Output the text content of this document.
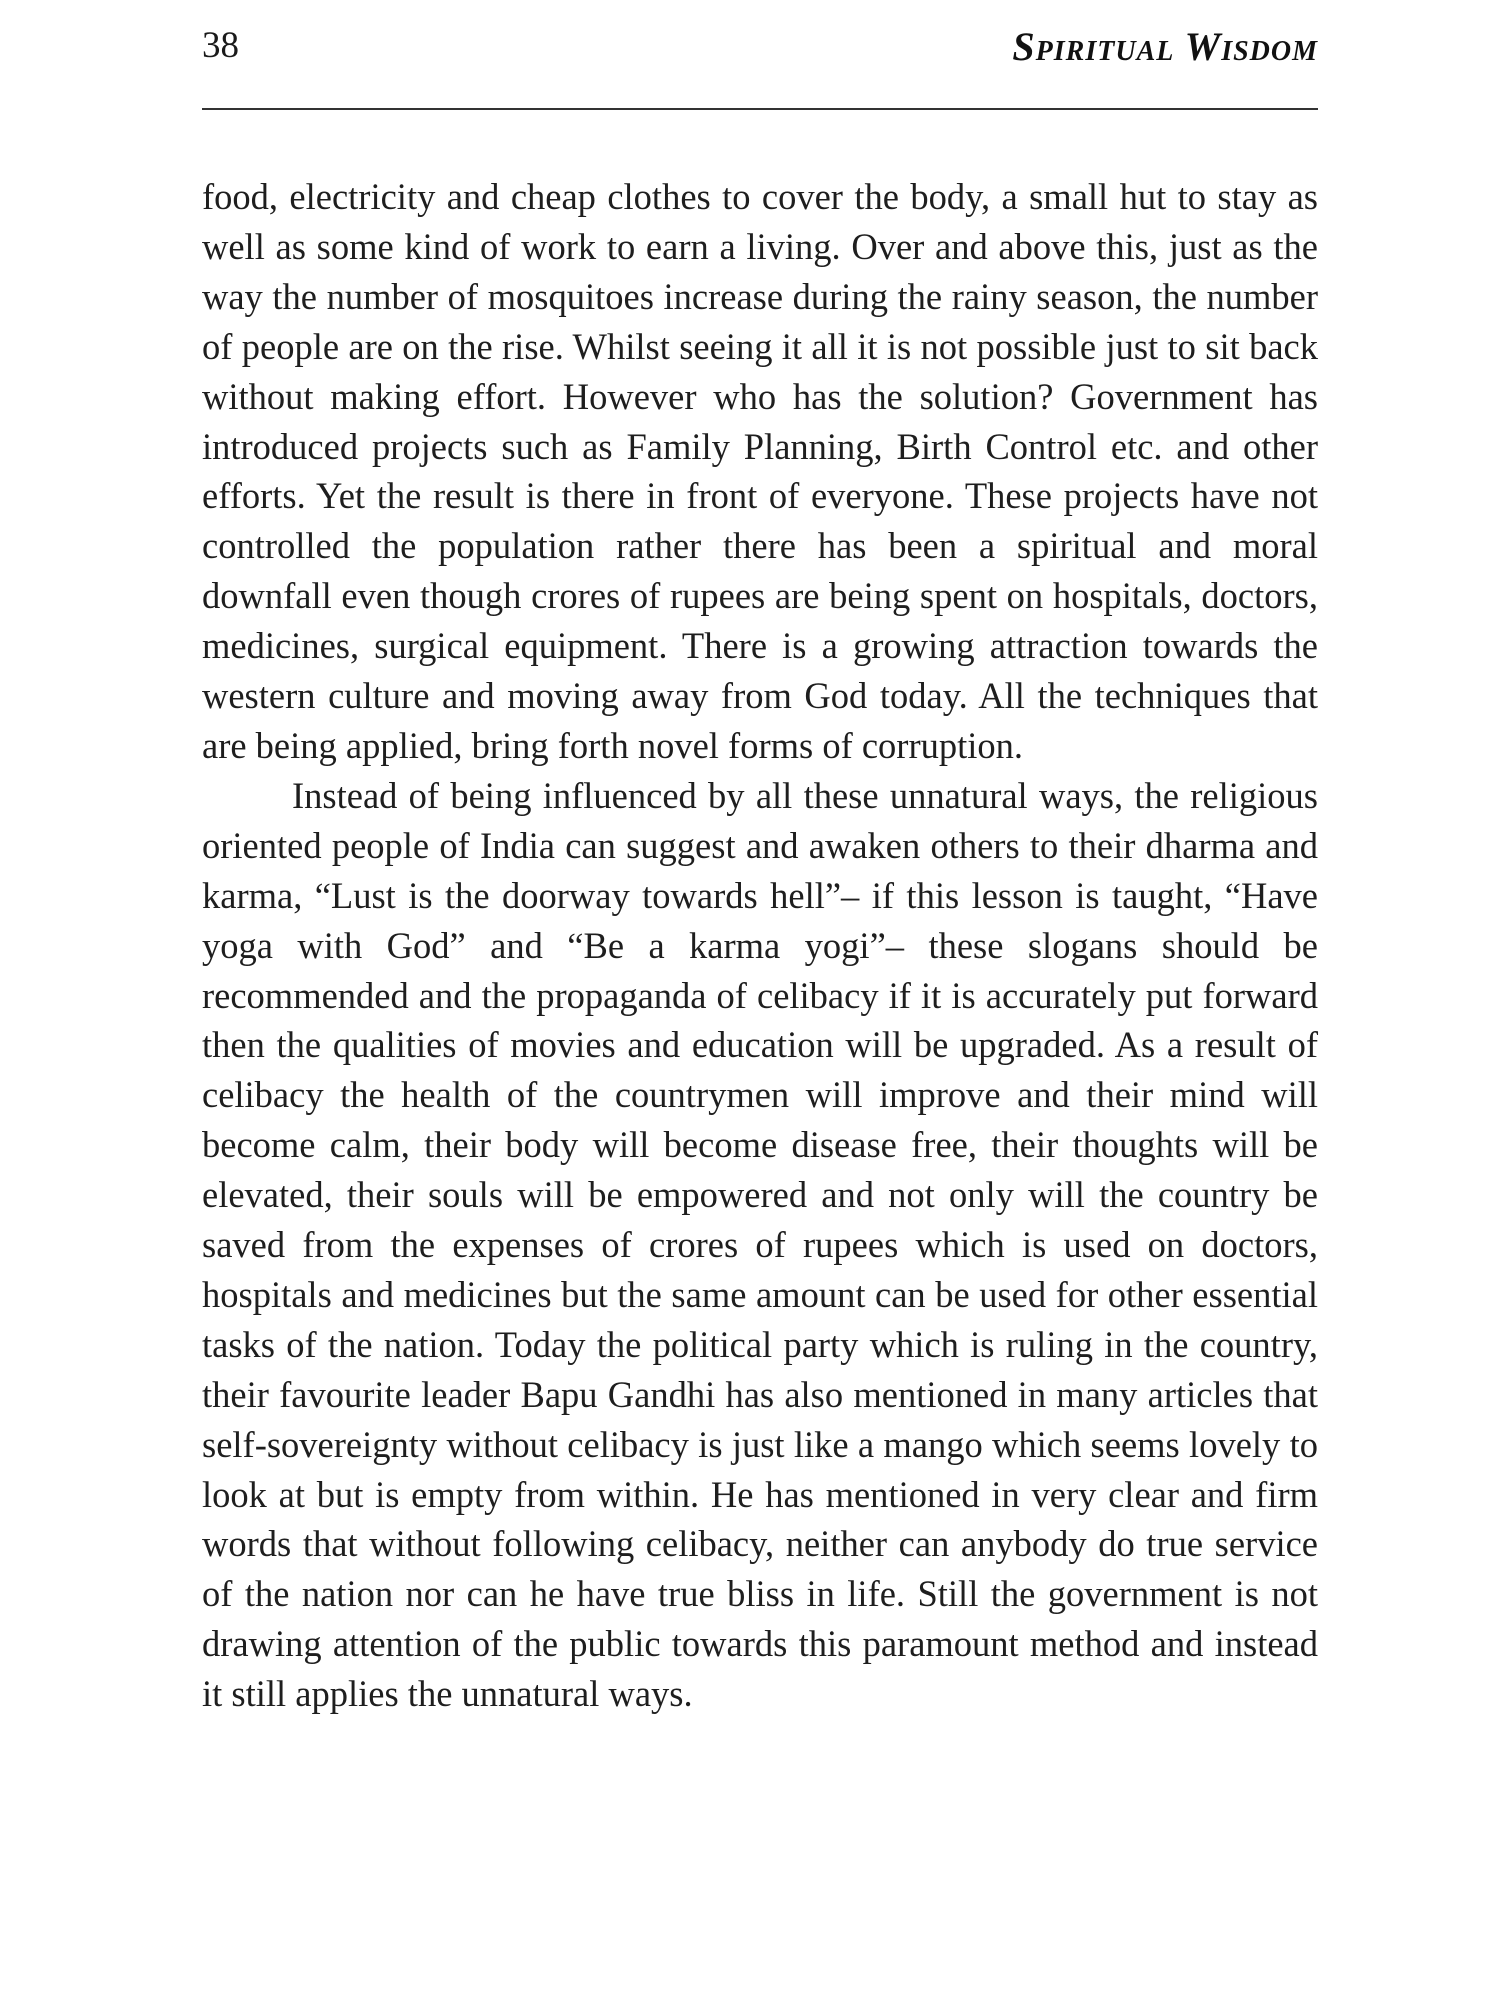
38	Spiritual Wisdom

food, electricity and cheap clothes to cover the body, a small hut to stay as well as some kind of work to earn a living. Over and above this, just as the way the number of mosquitoes increase during the rainy season, the number of people are on the rise. Whilst seeing it all it is not possible just to sit back without making effort. However who has the solution? Government has introduced projects such as Family Planning, Birth Control etc. and other efforts. Yet the result is there in front of everyone. These projects have not controlled the population rather there has been a spiritual and moral downfall even though crores of rupees are being spent on hospitals, doctors, medicines, surgical equipment. There is a growing attraction towards the western culture and moving away from God today. All the techniques that are being applied, bring forth novel forms of corruption.

Instead of being influenced by all these unnatural ways, the religious oriented people of India can suggest and awaken others to their dharma and karma, “Lust is the doorway towards hell”– if this lesson is taught, “Have yoga with God” and “Be a karma yogi”– these slogans should be recommended and the propaganda of celibacy if it is accurately put forward then the qualities of movies and education will be upgraded. As a result of celibacy the health of the countrymen will improve and their mind will become calm, their body will become disease free, their thoughts will be elevated, their souls will be empowered and not only will the country be saved from the expenses of crores of rupees which is used on doctors, hospitals and medicines but the same amount can be used for other essential tasks of the nation. Today the political party which is ruling in the country, their favourite leader Bapu Gandhi has also mentioned in many articles that self-sovereignty without celibacy is just like a mango which seems lovely to look at but is empty from within. He has mentioned in very clear and firm words that without following celibacy, neither can anybody do true service of the nation nor can he have true bliss in life. Still the government is not drawing attention of the public towards this paramount method and instead it still applies the unnatural ways.
